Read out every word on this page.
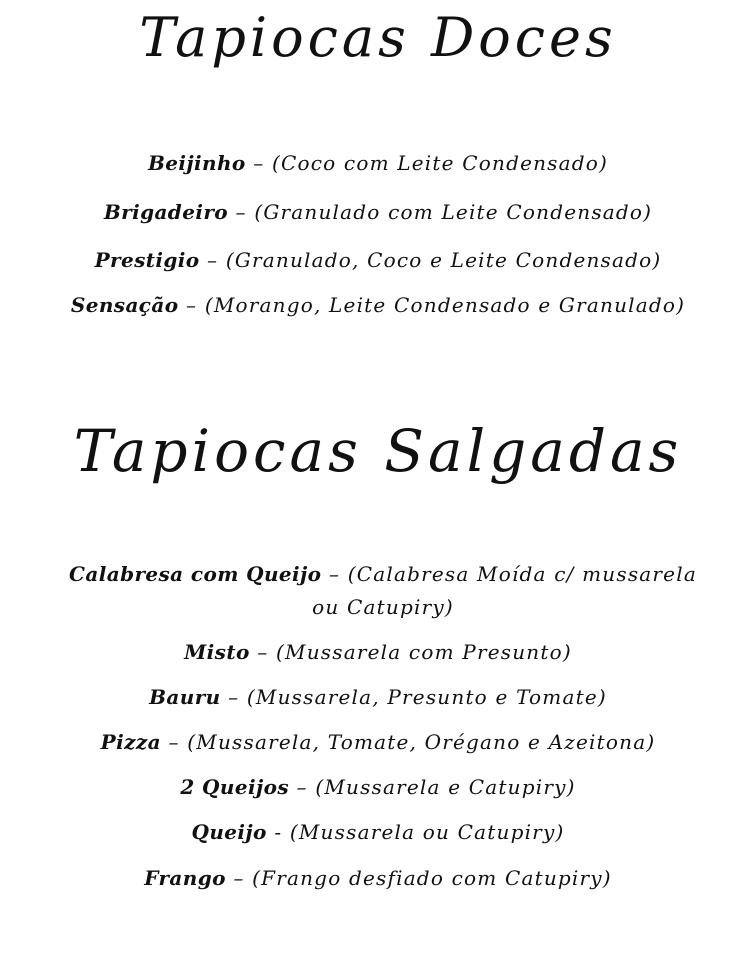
Tapiocas Doces
Beijinho – (Coco com Leite Condensado)
Brigadeiro – (Granulado com Leite Condensado)
Prestigio – (Granulado, Coco e Leite Condensado)
Sensação – (Morango, Leite Condensado e Granulado)
Tapiocas Salgadas
Calabresa com Queijo – (Calabresa Moída c/ mussarela ou Catupiry)
Misto – (Mussarela com Presunto)
Bauru – (Mussarela, Presunto e Tomate)
Pizza – (Mussarela, Tomate, Orégano e Azeitona)
2 Queijos – (Mussarela e Catupiry)
Queijo - (Mussarela ou Catupiry)
Frango – (Frango desfiado com Catupiry)
